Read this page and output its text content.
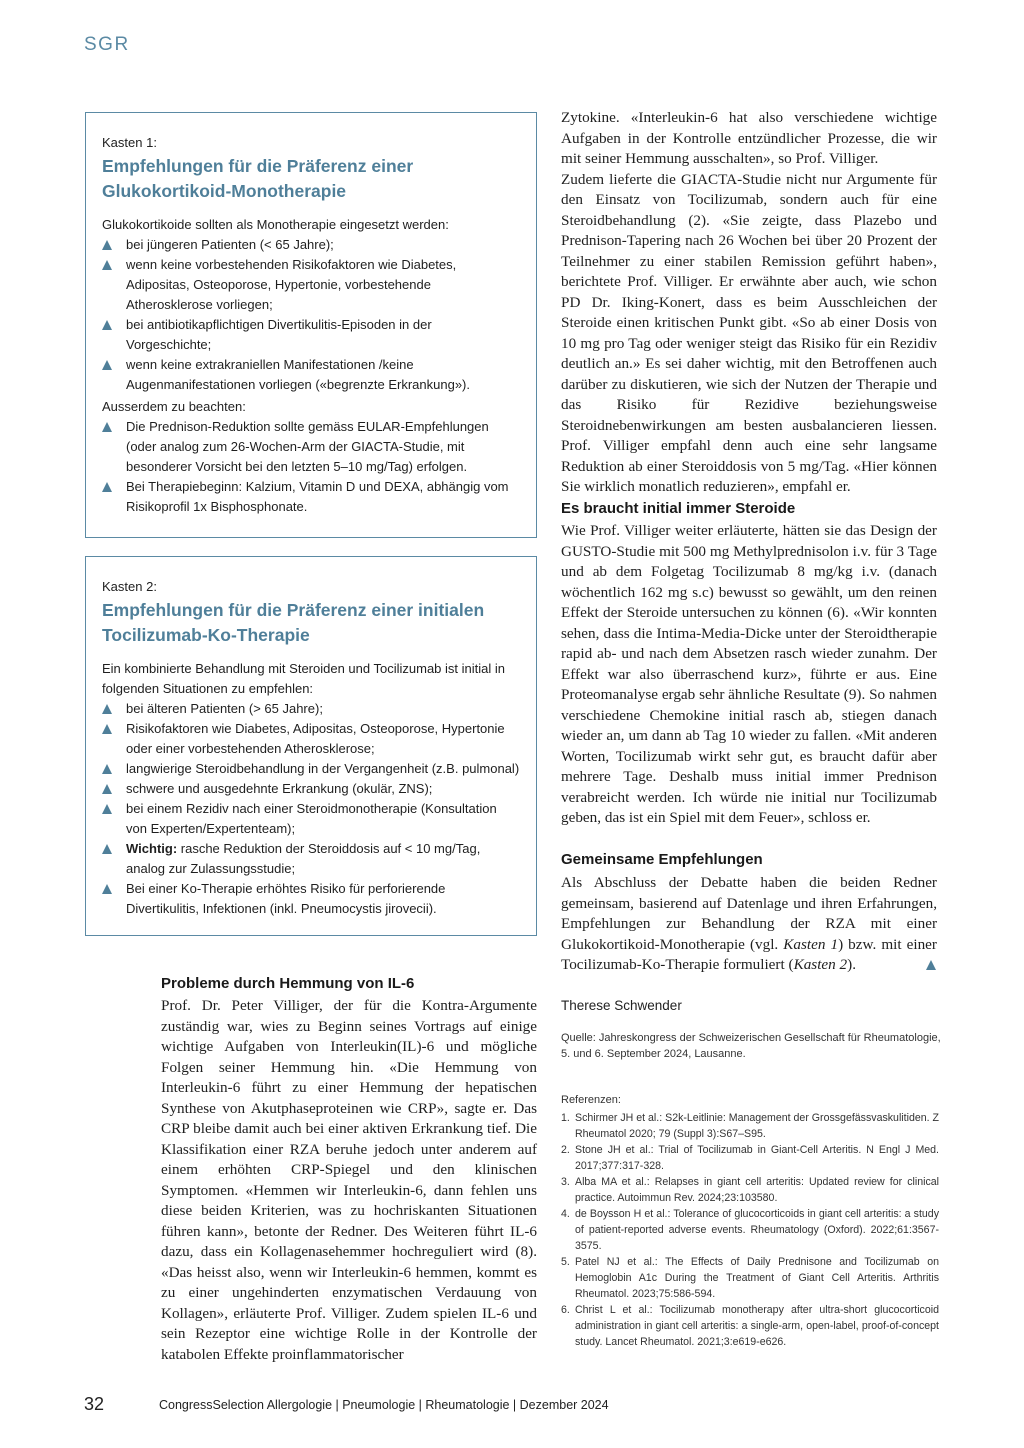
SGR
Kasten 1:
Empfehlungen für die Präferenz einer
Glukokortikoid-Monotherapie
Glukokortikoide sollten als Monotherapie eingesetzt werden:
bei jüngeren Patienten (< 65 Jahre);
wenn keine vorbestehenden Risikofaktoren wie Diabetes, Adipositas, Osteoporose, Hypertonie, vorbestehende Atherosklerose vorliegen;
bei antibiotikapflichtigen Divertikulitis-Episoden in der Vorgeschichte;
wenn keine extrakraniellen Manifestationen /keine Augenmanifestationen vorliegen («begrenzte Erkrankung»).
Ausserdem zu beachten:
Die Prednison-Reduktion sollte gemäss EULAR-Empfehlungen (oder analog zum 26-Wochen-Arm der GIACTA-Studie, mit besonderer Vorsicht bei den letzten 5–10 mg/Tag) erfolgen.
Bei Therapiebeginn: Kalzium, Vitamin D und DEXA, abhängig vom Risikoprofil 1x Bisphosphonate.
Kasten 2:
Empfehlungen für die Präferenz einer initialen
Tocilizumab-Ko-Therapie
Ein kombinierte Behandlung mit Steroiden und Tocilizumab ist initial in folgenden Situationen zu empfehlen:
bei älteren Patienten (> 65 Jahre);
Risikofaktoren wie Diabetes, Adipositas, Osteoporose, Hypertonie oder einer vorbestehenden Atherosklerose;
langwierige Steroidbehandlung in der Vergangenheit (z.B. pulmonal)
schwere und ausgedehnte Erkrankung (okulär, ZNS);
bei einem Rezidiv nach einer Steroidmonotherapie (Konsultation von Experten/Expertenteam);
Wichtig: rasche Reduktion der Steroiddosis auf < 10 mg/Tag, analog zur Zulassungsstudie;
Bei einer Ko-Therapie erhöhtes Risiko für perforierende Divertikulitis, Infektionen (inkl. Pneumocystis jirovecii).
Probleme durch Hemmung von IL-6

Prof. Dr. Peter Villiger, der für die Kontra-Argumente zuständig war, wies zu Beginn seines Vortrags auf einige wichtige Aufgaben von Interleukin(IL)-6 und mögliche Folgen seiner Hemmung hin. «Die Hemmung von Interleukin-6 führt zu einer Hemmung der hepatischen Synthese von Akutphaseproteinen wie CRP», sagte er. Das CRP bleibe damit auch bei einer aktiven Erkrankung tief. Die Klassifikation einer RZA beruhe jedoch unter anderem auf einem erhöhten CRP-Spiegel und den klinischen Symptomen. «Hemmen wir Interleukin-6, dann fehlen uns diese beiden Kriterien, was zu hochriskanten Situationen führen kann», betonte der Redner. Des Weiteren führt IL-6 dazu, dass ein Kollagenasehemmer hochreguliert wird (8). «Das heisst also, wenn wir Interleukin-6 hemmen, kommt es zu einer ungehinderten enzymatischen Verdauung von Kollagen», erläuterte Prof. Villiger. Zudem spielen IL-6 und sein Rezeptor eine wichtige Rolle in der Kontrolle der katabolen Effekte proinflammatorischer

Zytokine. «Interleukin-6 hat also verschiedene wichtige Aufgaben in der Kontrolle entzündlicher Prozesse, die wir mit seiner Hemmung ausschalten», so Prof. Villiger.

Zudem lieferte die GIACTA-Studie nicht nur Argumente für den Einsatz von Tocilizumab, sondern auch für eine Steroidbehandlung (2). «Sie zeigte, dass Plazebo und Prednison-Tapering nach 26 Wochen bei über 20 Prozent der Teilnehmer zu einer stabilen Remission geführt haben», berichtete Prof. Villiger. Er erwähnte aber auch, wie schon PD Dr. Iking-Konert, dass es beim Ausschleichen der Steroide einen kritischen Punkt gibt. «So ab einer Dosis von 10 mg pro Tag oder weniger steigt das Risiko für ein Rezidiv deutlich an.» Es sei daher wichtig, mit den Betroffenen auch darüber zu diskutieren, wie sich der Nutzen der Therapie und das Risiko für Rezidive beziehungsweise Steroidnebenwirkungen am besten ausbalancieren liessen. Prof. Villiger empfahl denn auch eine sehr langsame Reduktion ab einer Steroiddosis von 5 mg/Tag. «Hier können Sie wirklich monatlich reduzieren», empfahl er.

Es braucht initial immer Steroide

Wie Prof. Villiger weiter erläuterte, hätten sie das Design der GUSTO-Studie mit 500 mg Methylprednisolon i.v. für 3 Tage und ab dem Folgetag Tocilizumab 8 mg/kg i.v. (danach wöchentlich 162 mg s.c) bewusst so gewählt, um den reinen Effekt der Steroide untersuchen zu können (6). «Wir konnten sehen, dass die Intima-Media-Dicke unter der Steroidtherapie rapid ab- und nach dem Absetzen rasch wieder zunahm. Der Effekt war also überraschend kurz», führte er aus. Eine Proteomanalyse ergab sehr ähnliche Resultate (9). So nahmen verschiedene Chemokine initial rasch ab, stiegen danach wieder an, um dann ab Tag 10 wieder zu fallen. «Mit anderen Worten, Tocilizumab wirkt sehr gut, es braucht dafür aber mehrere Tage. Deshalb muss initial immer Prednison verabreicht werden. Ich würde nie initial nur Tocilizumab geben, das ist ein Spiel mit dem Feuer», schloss er.

Gemeinsame Empfehlungen

Als Abschluss der Debatte haben die beiden Redner gemeinsam, basierend auf Datenlage und ihren Erfahrungen, Empfehlungen zur Behandlung der RZA mit einer Glukokortikoid-Monotherapie (vgl. Kasten 1) bzw. mit einer Tocilizumab-Ko-Therapie formuliert (Kasten 2).

Therese Schwender
Quelle: Jahreskongress der Schweizerischen Gesellschaft für Rheumatologie, 5. und 6. September 2024, Lausanne.
Referenzen:
1. Schirmer JH et al.: S2k-Leitlinie: Management der Grossgefässvaskulitiden. Z Rheumatol 2020; 79 (Suppl 3):S67–S95.
2. Stone JH et al.: Trial of Tocilizumab in Giant-Cell Arteritis. N Engl J Med. 2017;377:317-328.
3. Alba MA et al.: Relapses in giant cell arteritis: Updated review for clinical practice. Autoimmun Rev. 2024;23:103580.
4. de Boysson H et al.: Tolerance of glucocorticoids in giant cell arteritis: a study of patient-reported adverse events. Rheumatology (Oxford). 2022;61:3567-3575.
5. Patel NJ et al.: The Effects of Daily Prednisone and Tocilizumab on Hemoglobin A1c During the Treatment of Giant Cell Arteritis. Arthritis Rheumatol. 2023;75:586-594.
6. Christ L et al.: Tocilizumab monotherapy after ultra-short glucocorticoid administration in giant cell arteritis: a single-arm, open-label, proof-of-concept study. Lancet Rheumatol. 2021;3:e619-e626.
32	CongressSelection Allergologie | Pneumologie | Rheumatologie | Dezember 2024
